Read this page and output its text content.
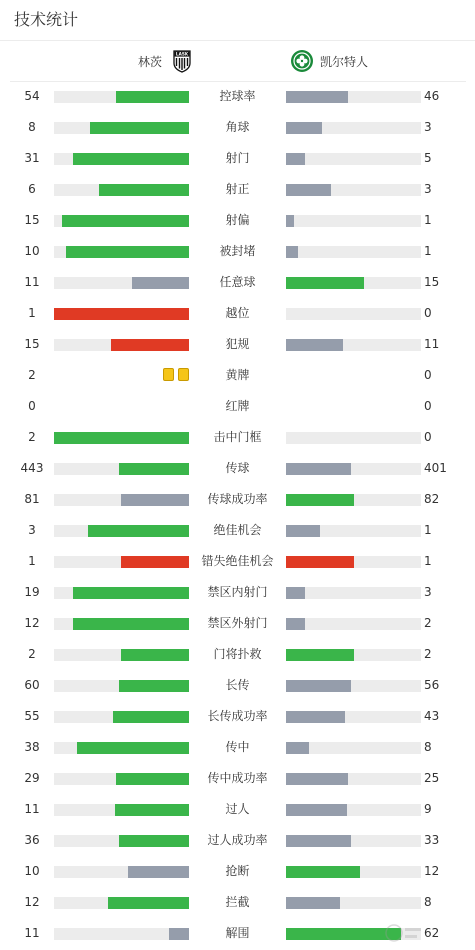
技术统计
林茨
LASK
凯尔特人
54	控球率	46
8	角球	3
31	射门	5
6	射正	3
15	射偏	1
10	被封堵	1
11	任意球	15
1	越位	0
15	犯规	11
2	黄牌	0
0	红牌	0
2	击中门框	0
443	传球	401
81	传球成功率	82
3	绝佳机会	1
1	错失绝佳机会	1
19	禁区内射门	3
12	禁区外射门	2
2	门将扑救	2
60	长传	56
55	长传成功率	43
38	传中	8
29	传中成功率	25
11	过人	9
36	过人成功率	33
10	抢断	12
12	拦截	8
11	解围	62
